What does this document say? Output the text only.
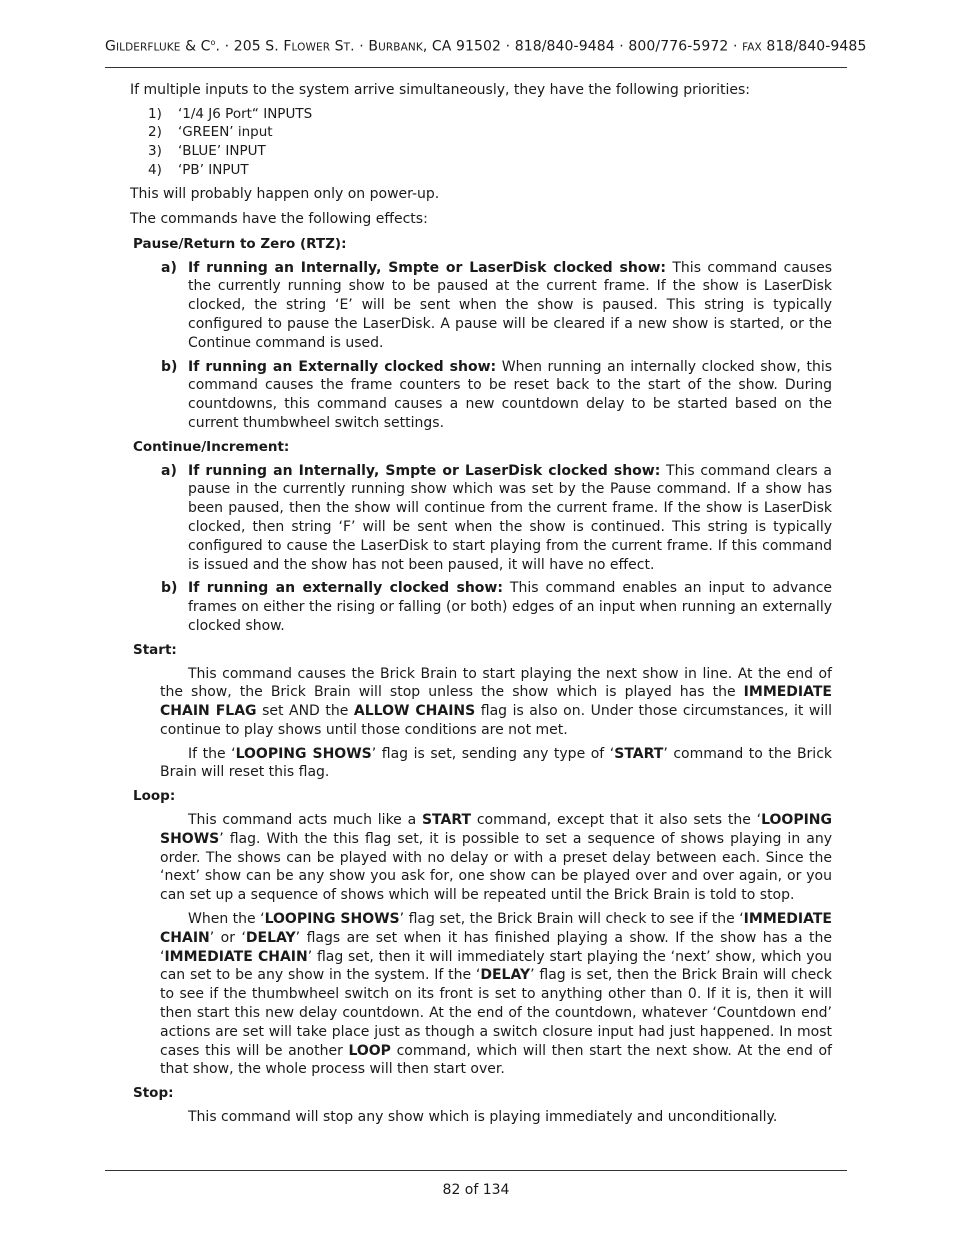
GILDERFLUKE & $C^o$. · 205 S. FLOWER ST. · BURBANK, CA 91502 · 818/840-9484 · 800/776-5972 · FAX 818/840-9485

If multiple inputs to the system arrive simultaneously, they have the following priorities:

1) ‘1/4 J6 Port“ INPUTS
2) ‘GREEN’ input
3) ‘BLUE’ INPUT
4) ‘PB’ INPUT

This will probably happen only on power-up.

The commands have the following effects:

Pause/Return to Zero (RTZ):

a) If running an Internally, Smpte or LaserDisk clocked show: This command causes the currently running show to be paused at the current frame. If the show is LaserDisk clocked, the string ‘E’ will be sent when the show is paused. This string is typically configured to pause the LaserDisk. A pause will be cleared if a new show is started, or the Continue command is used.
b) If running an Externally clocked show: When running an internally clocked show, this command causes the frame counters to be reset back to the start of the show. During countdowns, this command causes a new countdown delay to be started based on the current thumbwheel switch settings.

Continue/Increment:

a) If running an Internally, Smpte or LaserDisk clocked show: This command clears a pause in the currently running show which was set by the Pause command. If a show has been paused, then the show will continue from the current frame. If the show is LaserDisk clocked, then string ‘F’ will be sent when the show is continued. This string is typically configured to cause the LaserDisk to start playing from the current frame. If this command is issued and the show has not been paused, it will have no effect.
b) If running an externally clocked show: This command enables an input to advance frames on either the rising or falling (or both) edges of an input when running an externally clocked show.

Start:

This command causes the Brick Brain to start playing the next show in line. At the end of the show, the Brick Brain will stop unless the show which is played has the IMMEDIATE CHAIN FLAG set AND the ALLOW CHAINS flag is also on. Under those circumstances, it will continue to play shows until those conditions are not met.

If the ‘LOOPING SHOWS’ flag is set, sending any type of ‘START’ command to the Brick Brain will reset this flag.

Loop:

This command acts much like a START command, except that it also sets the ‘LOOPING SHOWS’ flag. With the this flag set, it is possible to set a sequence of shows playing in any order. The shows can be played with no delay or with a preset delay between each. Since the ‘next’ show can be any show you ask for, one show can be played over and over again, or you can set up a sequence of shows which will be repeated until the Brick Brain is told to stop.

When the ‘LOOPING SHOWS’ flag set, the Brick Brain will check to see if the ‘IMMEDIATE CHAIN’ or ‘DELAY’ flags are set when it has finished playing a show. If the show has a the ‘IMMEDIATE CHAIN’ flag set, then it will immediately start playing the ‘next’ show, which you can set to be any show in the system. If the ‘DELAY’ flag is set, then the Brick Brain will check to see if the thumbwheel switch on its front is set to anything other than 0. If it is, then it will then start this new delay countdown. At the end of the countdown, whatever ‘Countdown end’ actions are set will take place just as though a switch closure input had just happened. In most cases this will be another LOOP command, which will then start the next show. At the end of that show, the whole process will then start over.

Stop:

This command will stop any show which is playing immediately and unconditionally.

82 of 134
